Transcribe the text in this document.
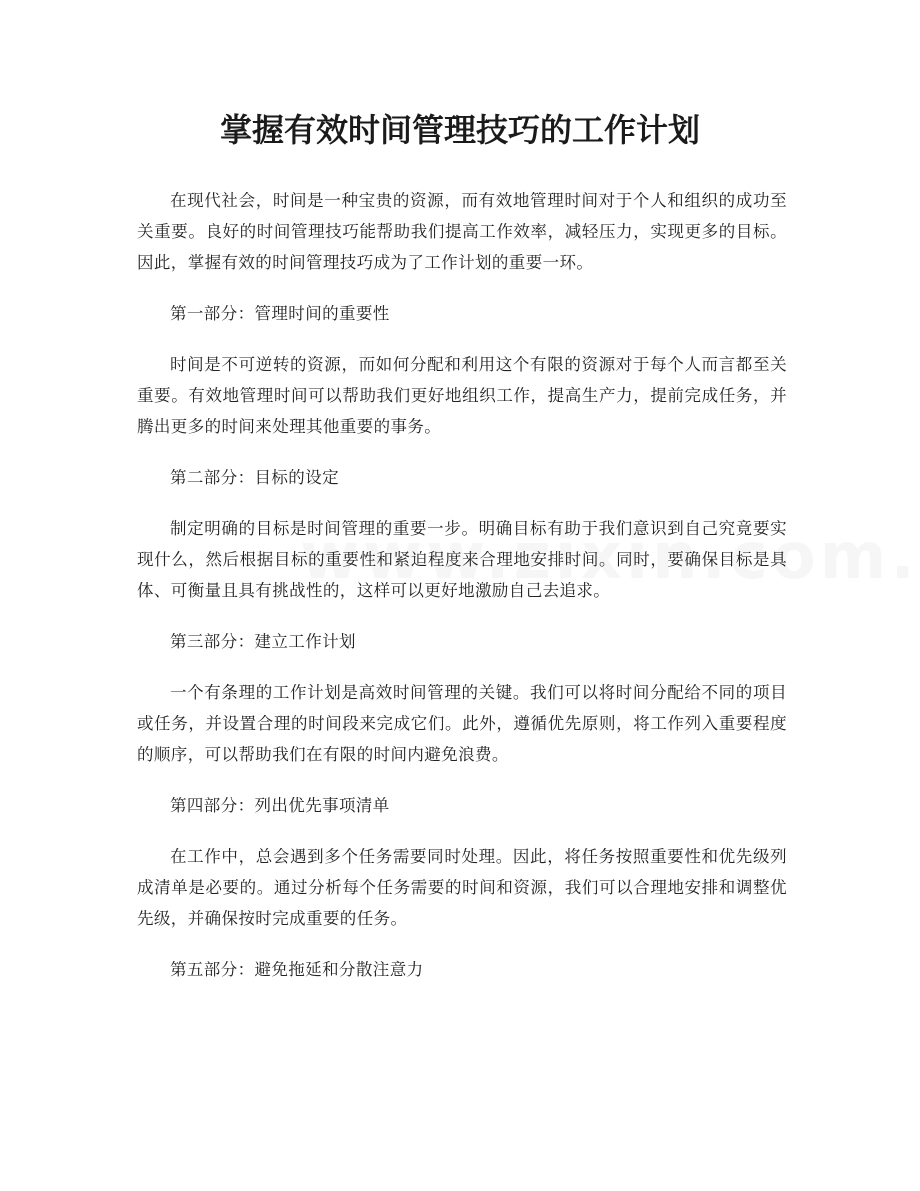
掌握有效时间管理技巧的工作计划

在现代社会，时间是一种宝贵的资源，而有效地管理时间对于个人和组织的成功至关重要。良好的时间管理技巧能帮助我们提高工作效率，减轻压力，实现更多的目标。因此，掌握有效的时间管理技巧成为了工作计划的重要一环。

第一部分：管理时间的重要性

时间是不可逆转的资源，而如何分配和利用这个有限的资源对于每个人而言都至关重要。有效地管理时间可以帮助我们更好地组织工作，提高生产力，提前完成任务，并腾出更多的时间来处理其他重要的事务。

第二部分：目标的设定

制定明确的目标是时间管理的重要一步。明确目标有助于我们意识到自己究竟要实现什么，然后根据目标的重要性和紧迫程度来合理地安排时间。同时，要确保目标是具体、可衡量且具有挑战性的，这样可以更好地激励自己去追求。

第三部分：建立工作计划

一个有条理的工作计划是高效时间管理的关键。我们可以将时间分配给不同的项目或任务，并设置合理的时间段来完成它们。此外，遵循优先原则，将工作列入重要程度的顺序，可以帮助我们在有限的时间内避免浪费。

第四部分：列出优先事项清单

在工作中，总会遇到多个任务需要同时处理。因此，将任务按照重要性和优先级列成清单是必要的。通过分析每个任务需要的时间和资源，我们可以合理地安排和调整优先级，并确保按时完成重要的任务。

第五部分：避免拖延和分散注意力
